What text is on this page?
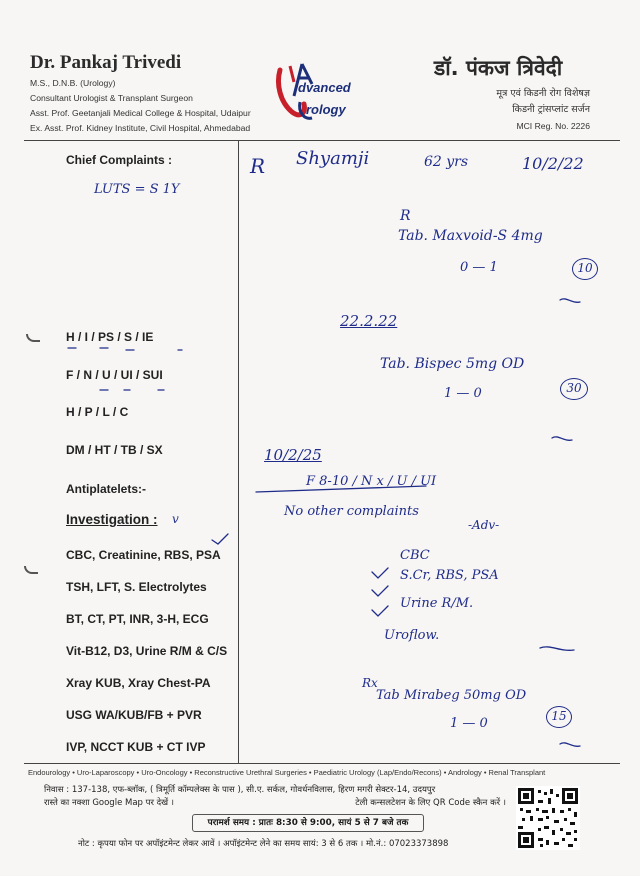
Dr. Pankaj Trivedi
M.S., D.N.B. (Urology)
Consultant Urologist & Transplant Surgeon
Asst. Prof. Geetanjali Medical College & Hospital, Udaipur
Ex. Asst. Prof. Kidney Institute, Civil Hospital, Ahmedabad
dvanced
rology
डॉ. पंकज त्रिवेदी
मूत्र एवं किडनी रोग विशेषज्ञ
किडनी ट्रांसप्लांट सर्जन
MCI Reg. No. 2226
Chief Complaints :
H / I / PS / S / IE
F / N / U / UI / SUI
H / P / L / C
DM / HT / TB / SX
Antiplatelets:-
Investigation :
CBC, Creatinine, RBS, PSA
TSH, LFT, S. Electrolytes
BT, CT, PT, INR, 3-H, ECG
Vit-B12, D3, Urine R/M & C/S
Xray KUB, Xray Chest-PA
USG WA/KUB/FB + PVR
IVP, NCCT KUB + CT IVP
LUTS = S 1Y
v
R Shyamji	62 yrs	10/2/22
R
Tab. Maxvoid-S 4mg
0 — 1	10
22.2.22
Tab. Bispec 5mg OD
1 — 0	30
10/2/25
F 8-10 / N x / U / UI
No other complaints
-Adv-
CBC
S.Cr, RBS, PSA
Urine R/M.
Uroflow.
Rx
Tab Mirabeg 50mg OD
1 — 0	15
Endourology • Uro-Laparoscopy • Uro-Oncology • Reconstructive Urethral Surgeries • Paediatric Urology (Lap/Endo/Recons) • Andrology • Renal Transplant
निवास : 137-138, एफ-ब्लॉक, ( त्रिमूर्ति कॉम्पलेक्स के पास ), सी.ए. सर्कल, गोवर्धनविलास, हिरण मगरी सेक्टर-14, उदयपुर
रास्ते का नक्शा Google Map पर देखें ।	टेली कन्सलटेशन के लिए QR Code स्कैन करें ।
परामर्श समय : प्रातः 8:30 से 9:00, सायं 5 से 7 बजे तक
नोट : कृपया फोन पर अपॉइंटमेन्ट लेकर आवें । अपॉइंटमेन्ट लेने का समय सायं: 3 से 6 तक । मो.नं.: 07023373898
